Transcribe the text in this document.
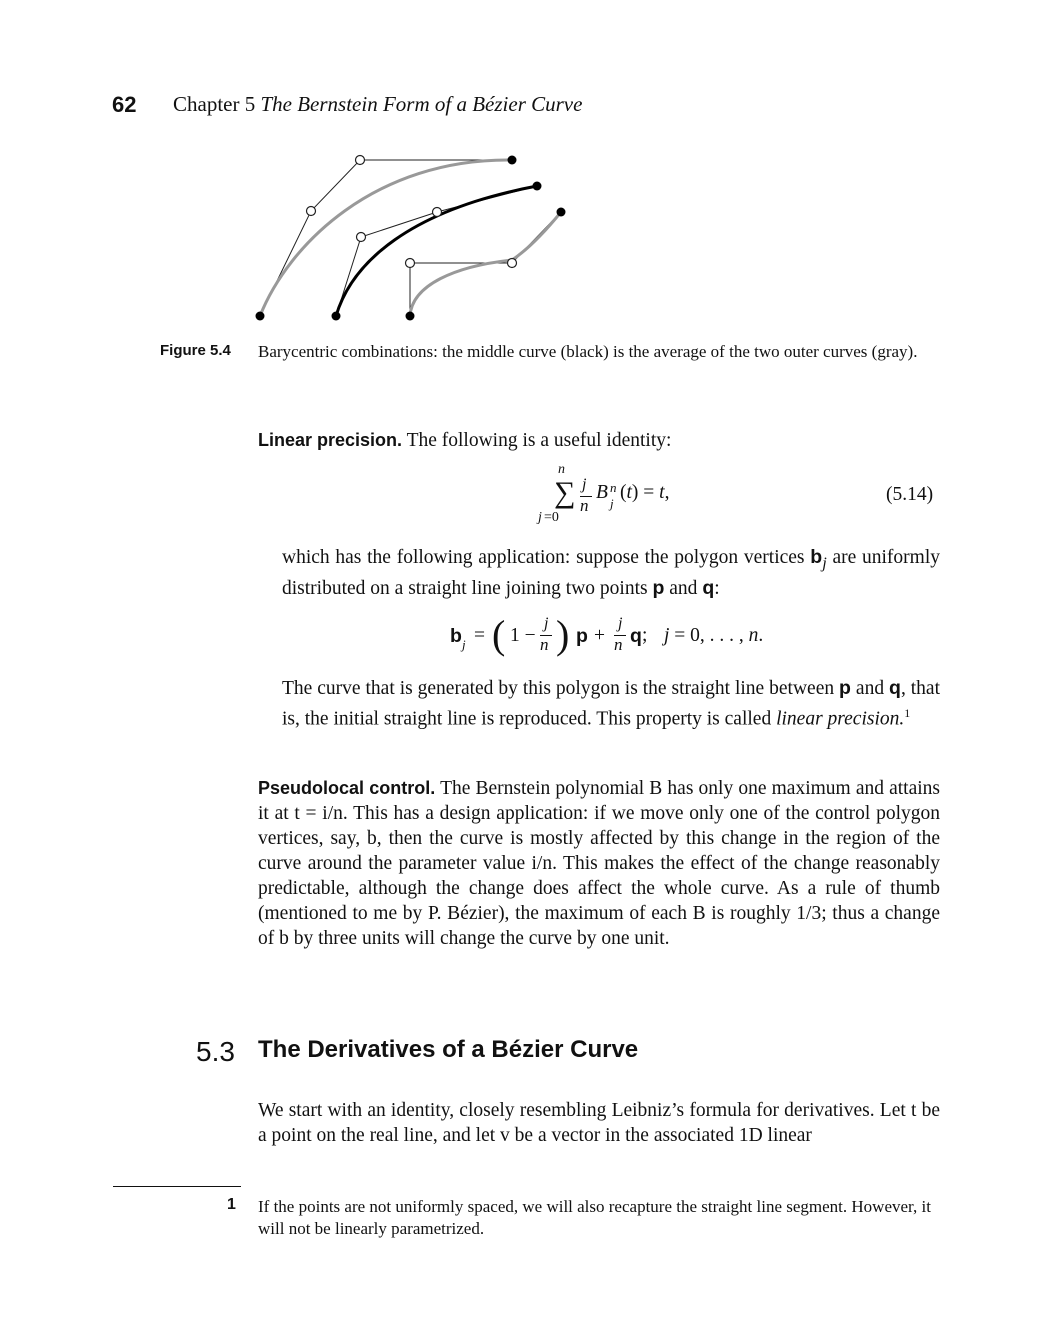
62 Chapter 5 The Bernstein Form of a Bézier Curve
Figure 5.4 Barycentric combinations: the middle curve (black) is the average of the two outer curves (gray).
Linear precision. The following is a useful identity:
n
∑
j =0
j
n
B n
j
(t) = t,	(5.14)
which has the following application: suppose the polygon vertices $b_j$ are uniformly distributed on a straight line joining two points p and q:
b j = ( 1 −
j
n ) p +
j
n q ; j = 0, . . . , n.
The curve that is generated by this polygon is the straight line between p and q, that is, the initial straight line is reproduced. This property is called linear precision.$^1$
Pseudolocal control. The Bernstein polynomial B has only one maximum and attains it at t = i/n. This has a design application: if we move only one of the control polygon vertices, say, b, then the curve is mostly affected by this change in the region of the curve around the parameter value i/n. This makes the effect of the change reasonably predictable, although the change does affect the whole curve. As a rule of thumb (mentioned to me by P. Bézier), the maximum of each B is roughly 1/3; thus a change of b by three units will change the curve by one unit.
5.3 The Derivatives of a Bézier Curve
We start with an identity, closely resembling Leibniz’s formula for derivatives. Let t be a point on the real line, and let v be a vector in the associated 1D linear
1 If the points are not uniformly spaced, we will also recapture the straight line segment. However, it will not be linearly parametrized.
